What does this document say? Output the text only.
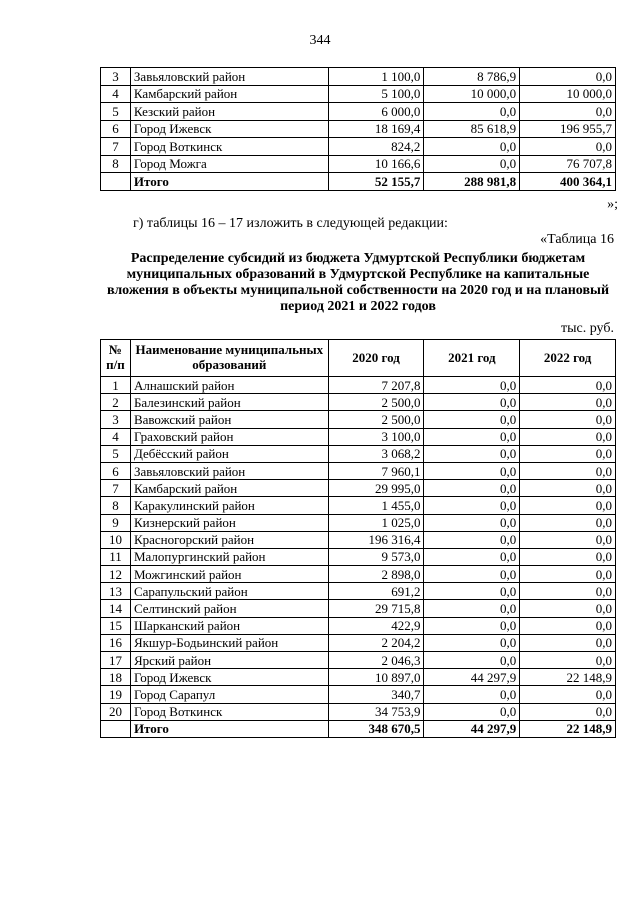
344
3	Завьяловский район	1 100,0	8 786,9	0,0
4	Камбарский район	5 100,0	10 000,0	10 000,0
5	Кезский район	6 000,0	0,0	0,0
6	Город Ижевск	18 169,4	85 618,9	196 955,7
7	Город Воткинск	824,2	0,0	0,0
8	Город Можга	10 166,6	0,0	76 707,8
	Итого	52 155,7	288 981,8	400 364,1
»;
г) таблицы 16 – 17 изложить в следующей редакции:
«Таблица 16
Распределение субсидий из бюджета Удмуртской Республики бюджетам муниципальных образований в Удмуртской Республике на капитальные вложения в объекты муниципальной собственности на 2020 год и на плановый период 2021 и 2022 годов
тыс. руб.
№ п/п	Наименование муниципальных образований	2020 год	2021 год	2022 год
1	Алнашский район	7 207,8	0,0	0,0
2	Балезинский район	2 500,0	0,0	0,0
3	Вавожский район	2 500,0	0,0	0,0
4	Граховский район	3 100,0	0,0	0,0
5	Дебёсский район	3 068,2	0,0	0,0
6	Завьяловский район	7 960,1	0,0	0,0
7	Камбарский район	29 995,0	0,0	0,0
8	Каракулинский район	1 455,0	0,0	0,0
9	Кизнерский район	1 025,0	0,0	0,0
10	Красногорский район	196 316,4	0,0	0,0
11	Малопургинский район	9 573,0	0,0	0,0
12	Можгинский район	2 898,0	0,0	0,0
13	Сарапульский район	691,2	0,0	0,0
14	Селтинский район	29 715,8	0,0	0,0
15	Шарканский район	422,9	0,0	0,0
16	Якшур-Бодьинский район	2 204,2	0,0	0,0
17	Ярский район	2 046,3	0,0	0,0
18	Город Ижевск	10 897,0	44 297,9	22 148,9
19	Город Сарапул	340,7	0,0	0,0
20	Город Воткинск	34 753,9	0,0	0,0
	Итого	348 670,5	44 297,9	22 148,9
